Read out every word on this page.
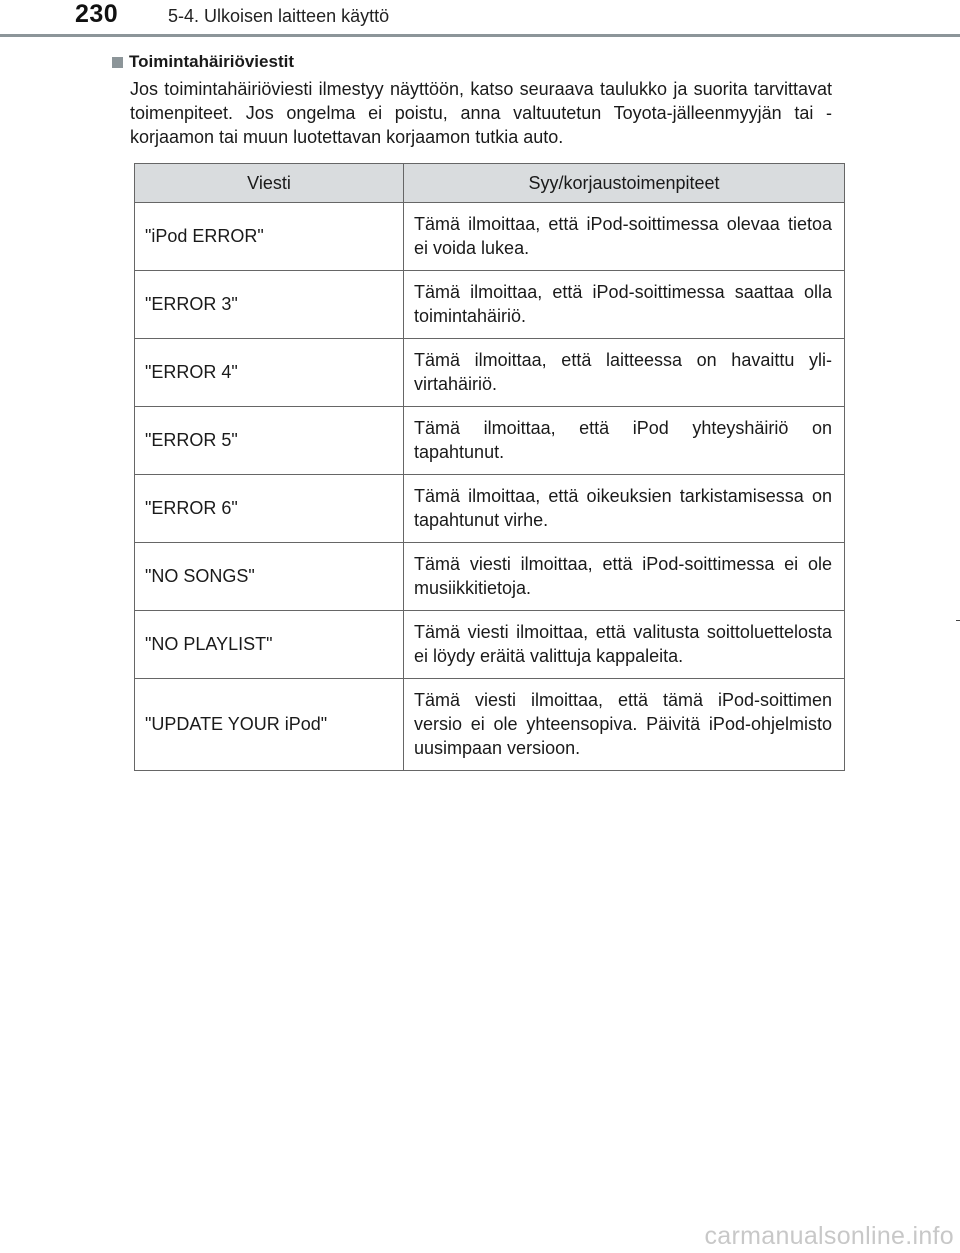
230	5-4. Ulkoisen laitteen käyttö
Toimintahäiriöviestit

Jos toimintahäiriöviesti ilmestyy näyttöön, katso seuraava taulukko ja suorita tarvittavat toimenpiteet. Jos ongelma ei poistu, anna valtuutetun Toyota-jälleenmyyjän tai -korjaamon tai muun luotettavan korjaamon tutkia auto.

Viesti	Syy/korjaustoimenpiteet
"iPod ERROR"	Tämä ilmoittaa, että iPod-soittimessa olevaa tietoa ei voida lukea.
"ERROR 3"	Tämä ilmoittaa, että iPod-soittimessa saattaa olla toimintahäiriö.
"ERROR 4"	Tämä ilmoittaa, että laitteessa on havaittu ylivirtahäiriö.
"ERROR 5"	Tämä ilmoittaa, että iPod yhteyshäiriö on tapahtunut.
"ERROR 6"	Tämä ilmoittaa, että oikeuksien tarkistamisessa on tapahtunut virhe.
"NO SONGS"	Tämä viesti ilmoittaa, että iPod-soittimessa ei ole musiikkitietoja.
"NO PLAYLIST"	Tämä viesti ilmoittaa, että valitusta soittoluettelosta ei löydy eräitä valittuja kappaleita.
"UPDATE YOUR iPod"	Tämä viesti ilmoittaa, että tämä iPod-soittimen versio ei ole yhteensopiva. Päivitä iPod-ohjelmisto uusimpaan versioon.
carmanualsonline.info
